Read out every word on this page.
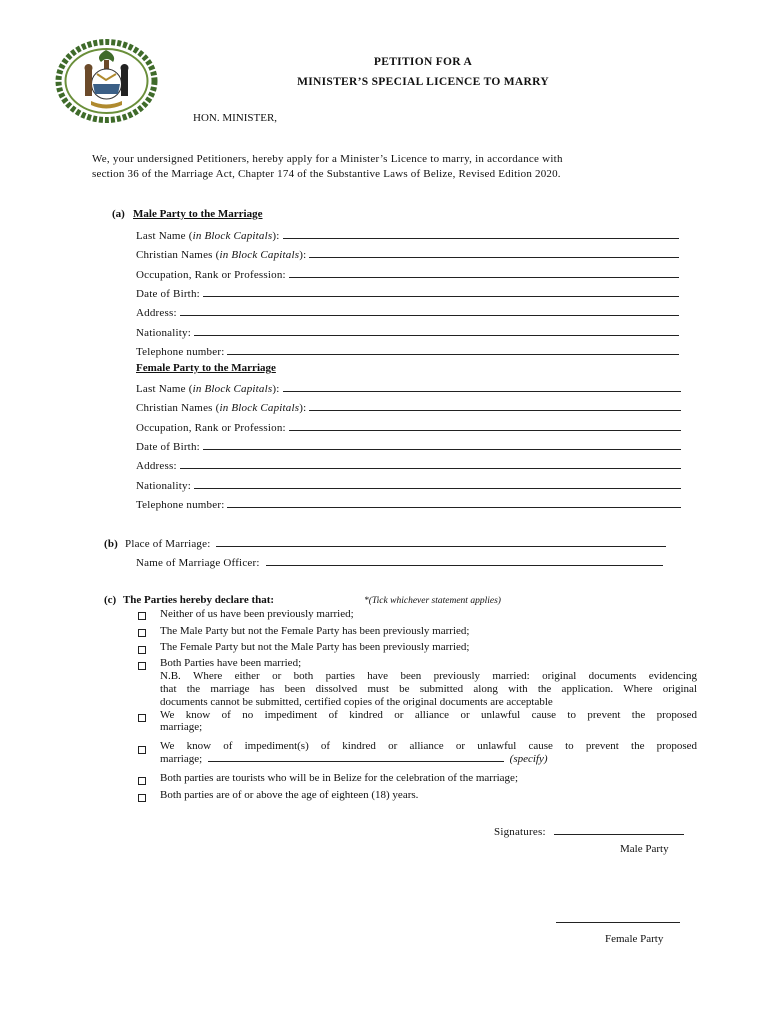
PETITION FOR A
MINISTER’S SPECIAL LICENCE TO MARRY
HON. MINISTER,
We, your undersigned Petitioners, hereby apply for a Minister’s Licence to marry, in accordance with
section 36 of the Marriage Act, Chapter 174 of the Substantive Laws of Belize, Revised Edition 2020.
(a) Male Party to the Marriage
Last Name (in Block Capitals):
Christian Names (in Block Capitals):
Occupation, Rank or Profession:
Date of Birth:
Address:
Nationality:
Telephone number:
Female Party to the Marriage
Last Name (in Block Capitals):
Christian Names (in Block Capitals):
Occupation, Rank or Profession:
Date of Birth:
Address:
Nationality:
Telephone number:
(b) Place of Marriage:
Name of Marriage Officer:
(c) The Parties hereby declare that:	*(Tick whichever statement applies)
Neither of us have been previously married;
The Male Party but not the Female Party has been previously married;
The Female Party but not the Male Party has been previously married;
Both Parties have been married;
N.B. Where either or both parties have been previously married: original documents evidencing
that the marriage has been dissolved must be submitted along with the application. Where original
documents cannot be submitted, certified copies of the original documents are acceptable
We know of no impediment of kindred or alliance or unlawful cause to prevent the proposed
marriage;
We know of impediment(s) of kindred or alliance or unlawful cause to prevent the proposed
marriage;	(specify)
Both parties are tourists who will be in Belize for the celebration of the marriage;
Both parties are of or above the age of eighteen (18) years.
Signatures:
Male Party
Female Party
